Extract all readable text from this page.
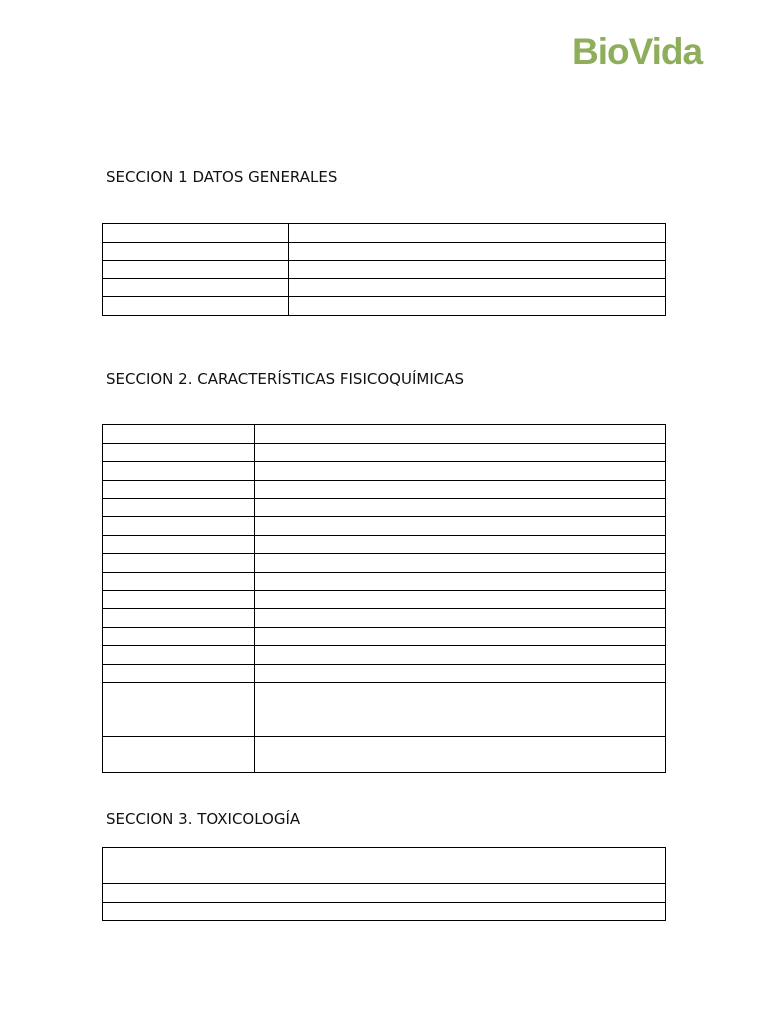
BioVida
SECCION 1 DATOS GENERALES

SECCION 2. CARACTERÍSTICAS FISICOQUÍMICAS

SECCION 3. TOXICOLOGÍA
